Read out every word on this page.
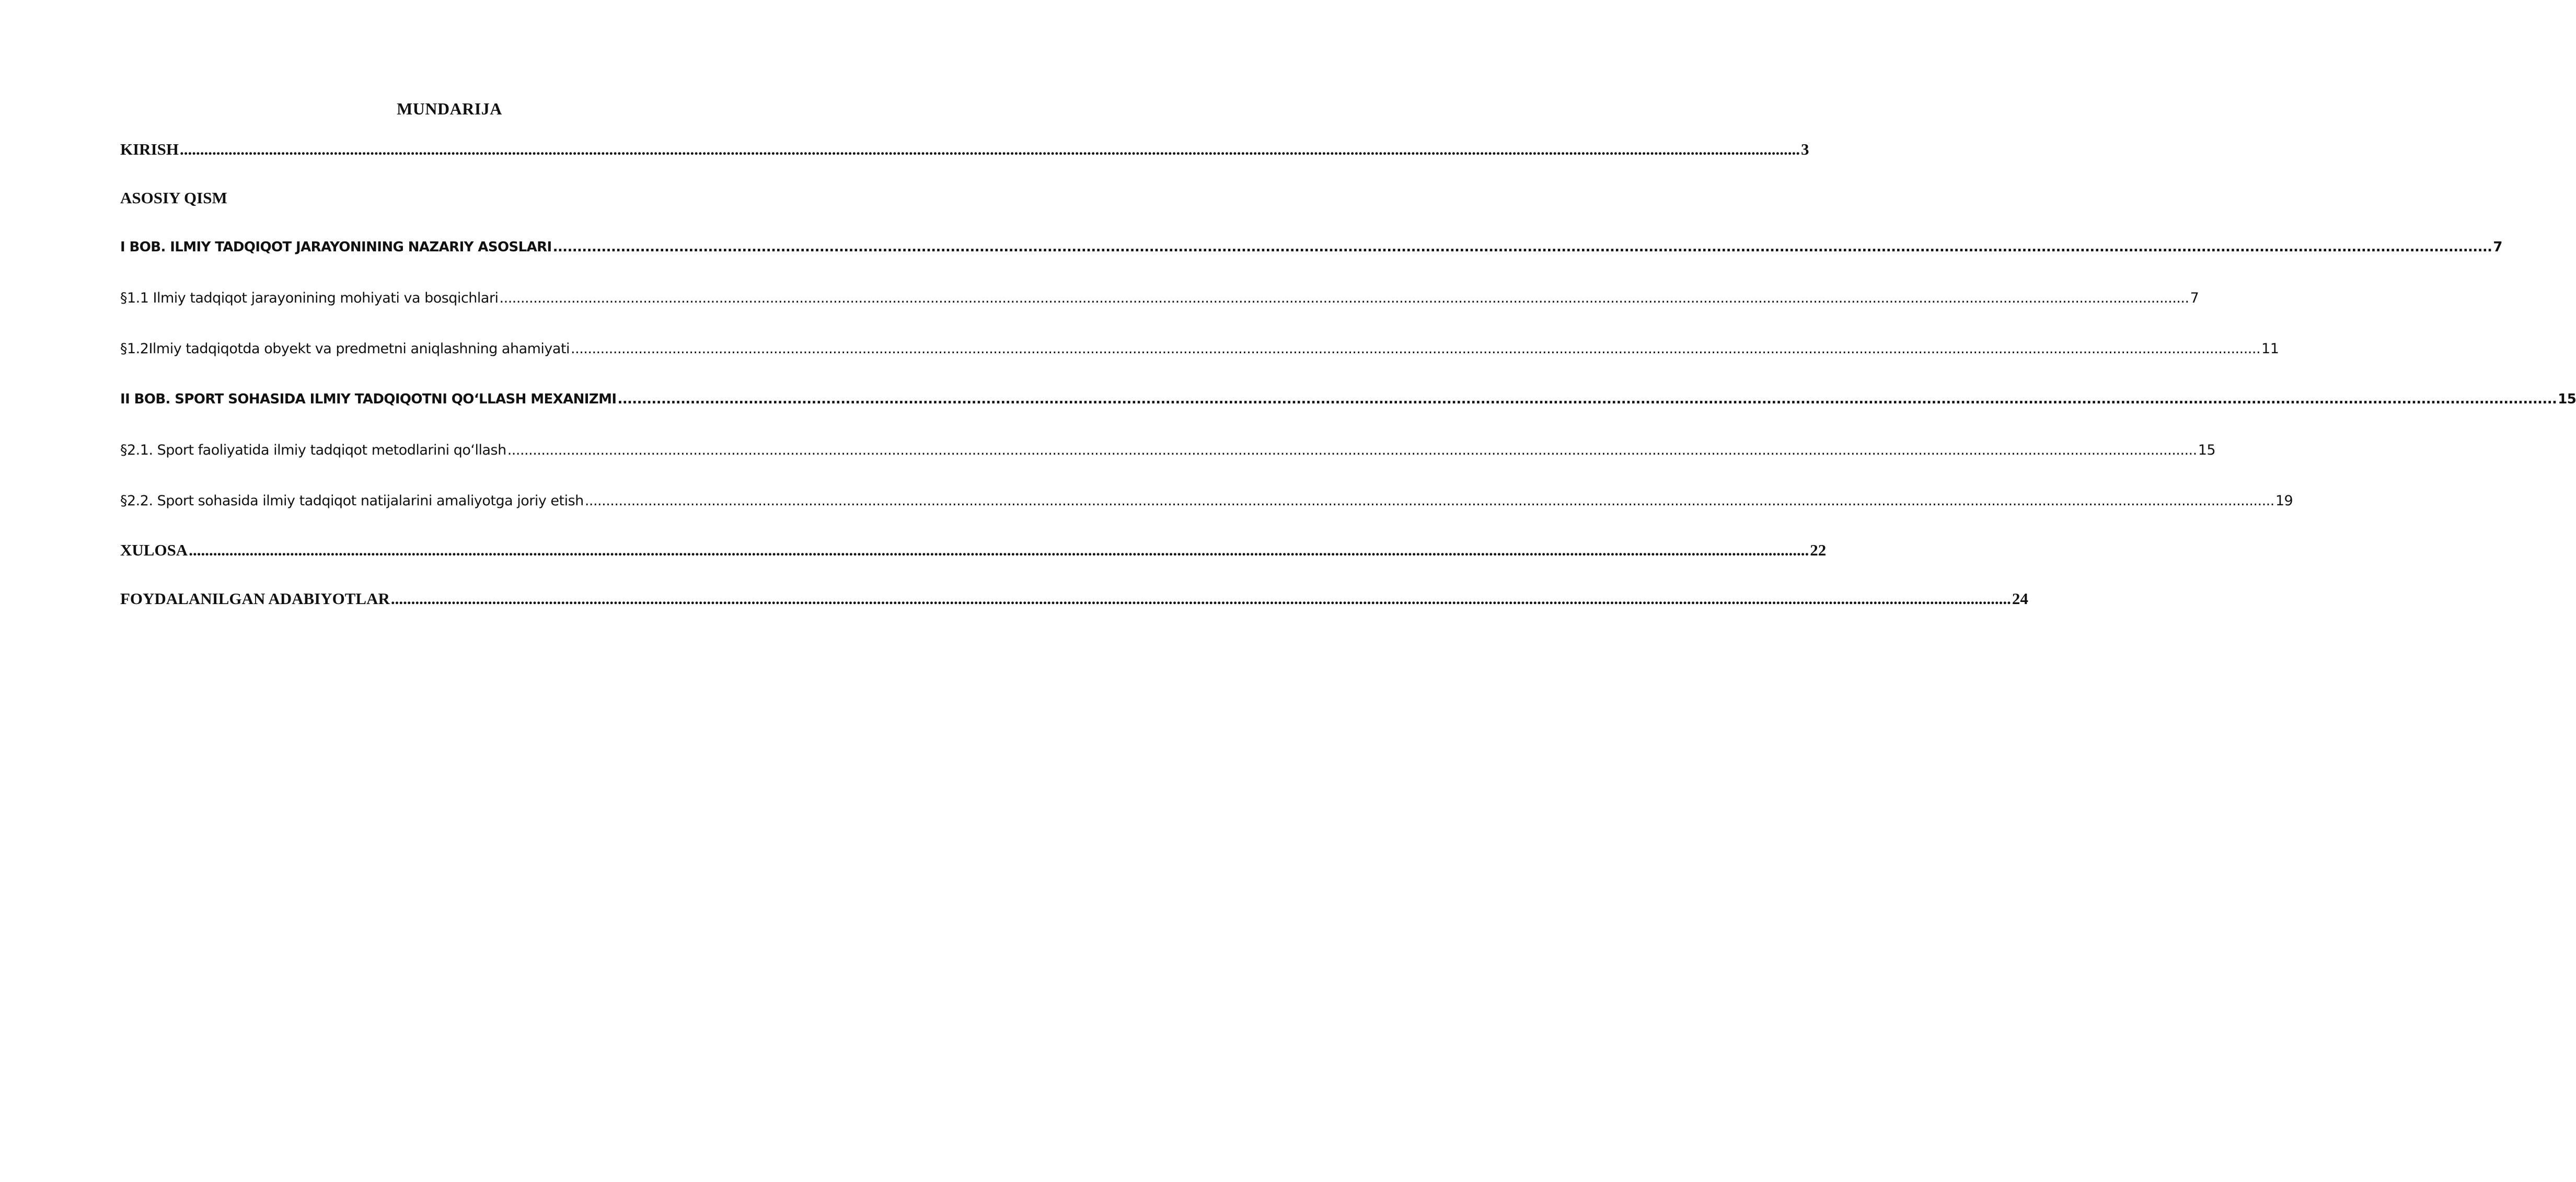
MUNDARIJA
KIRISH ................................................................................................................................................................................................................................................................................................................................................................................................................ 3
ASOSIY QISM
I BOB. ILMIY TADQIQOT JARAYONINING NAZARIY ASOSLARI ................................................................................................................................................................................................................................................................................................................................................................................................................ 7
§1.1 Ilmiy tadqiqot jarayonining mohiyati va bosqichlari ................................................................................................................................................................................................................................................................................................................................................................................................................ 7
§1.2Ilmiy tadqiqotda obyekt va predmetni aniqlashning ahamiyati ................................................................................................................................................................................................................................................................................................................................................................................................................ 11
II BOB. SPORT SOHASIDA ILMIY TADQIQOTNI QO‘LLASH MEXANIZMI ................................................................................................................................................................................................................................................................................................................................................................................................................ 15
§2.1. Sport faoliyatida ilmiy tadqiqot metodlarini qo‘llash ................................................................................................................................................................................................................................................................................................................................................................................................................ 15
§2.2. Sport sohasida ilmiy tadqiqot natijalarini amaliyotga joriy etish ................................................................................................................................................................................................................................................................................................................................................................................................................ 19
XULOSA ................................................................................................................................................................................................................................................................................................................................................................................................................ 22
FOYDALANILGAN ADABIYOTLAR ................................................................................................................................................................................................................................................................................................................................................................................................................ 24
